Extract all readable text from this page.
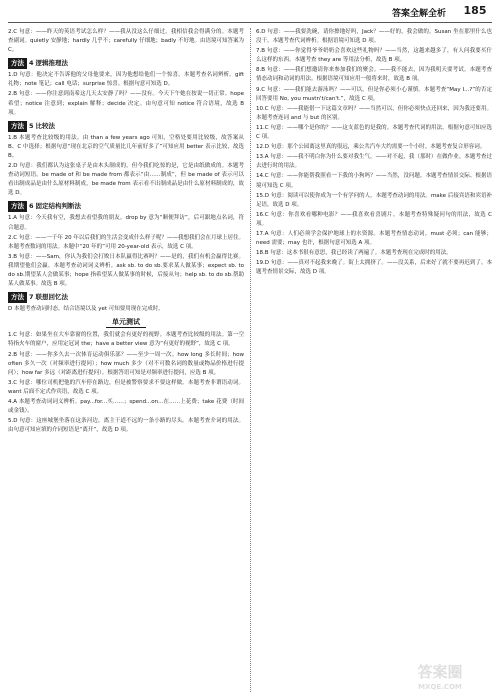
答案全解全析	185

2.C 句意：——昨天的英语考试怎么样？——我从没这么仔细过。我相信我会得满分的。本题考查副词。quietly 安静地；hardly 几乎不；carefully 仔细地；badly 不好地。由语境可知答案为 C。

方法 4 逻辑推理法

1.D 句意：他决定不告诉他的父母他要来，因为他想给他们一个惊喜。本题考查名词辨析。gift 礼物；note 笔记；call 电话；surprise 惊喜。根据句意可知选 D。

2.B 句意：——你注意到南希这几天太安静了吗？——没有。今天下午她在按说一切正常。hope 希望；notice 注意到；explain 解释；decide 决定。由句意可知 notice 符合语境，故选 B 项。

方法 5 比较法

1.B 本题考查比较级的用法。由 than a few years ago 可知，空格处要用比较级，故答案从 B、C 中选择；根据句意“现在北京的空气质量比几年前好多了”可知应用 better 表示比较，故选 B。

2.D 句意：我们都认为这张桌子是由木头制成的，但今我们吃惊的是，它是由纸做成的。本题考查动词短语。be made of 和 be made from 都表示“由……制成”，但 be made of 表示可以看出制成品是由什么原材料制成，be made from 表示看不出制成品是由什么原材料制成的，故选 D。

方法 6 固定结构判断法

1.A 句意：今天我有空，我想去看望我的朋友。drop by 意为“顺便拜访”，后可跟地点名词，符合题意。

2.C 句意：——一千年 20 年以后我们的生活会变成什么样子呢？——我想我们会在月球上居住。本题考查数词的用法。本题中“20 年的”可用 20-year-old 表示，故选 C 项。

3.B 句意：——Sam，你认为我们会打败日本队赢得比赛吗？——是的，我们有机会赢得比赛。我期望他们会赢。本题考查动词词义辨析。ask sb. to do sb.要求某人做某事；expect sb. to do sb.期望某人会做某事；hope 指希望某人做某事的时候，后接从句；help sb. to do sb.帮助某人做某事。故选 B 项。

方法 7 联想回忆法

D 本题考查动词时态。结合语境以及 yet 可知要用现在完成时。

单元测试

1.C 句意：如果坐在大车靠窗的位置，我们就会有更好的视野。本题考查比较级的用法。第一空特指火车的窗户，应用定冠词 the；have a better view 意为“有更好的视野”，故选 C 项。

2.B 句意：——你多久去一次体育运动俱乐部？——至少一周一次。how long 多长时间；how often 多久一次（对频率进行提问）；how much 多少（对不可数名词的数量或物品价格进行提问）；how far 多远（对距离进行提问）。根据答语可知是对频率进行提问，应选 B 项。

3.C 句意：哪位司机把他的汽车停在路边，但是被警察要求不要这样做。本题考查非谓语动词。want 后面不定式作宾语，故选 C 项。

4.A 本题考查动词词义辨析。pay...for...买……；spend...on...在……上花费；take 花费（时间或金钱）。

5.D 句意：这座城堡坐落在这条河边，离主干道不远的一条小路的尽头。本题考查介词的用法。由句意可知应填的介词短语是“离开”，故选 D 项。

6.D 句意：——我要洗碗，请你擦地好吗，Jack？——好的，我会做的。Susan 坐在那里什么也没干。本题考查代词辨析。根据语境可知选 D 项。

7.B 句意：——你觉得爷爷奶奶会喜欢这些礼物吗？——当然，这越来越多了，有人问我要买什么这样的东西。本题考查 they are 等用法分析，故选 B 项。

8.B 句意：——我们想邀请你来参加我们的聚会。——我不能去，因为我明天要考试。本题考查情态动词和动词的用法。根据语境可知应用一般将来时，故选 B 项。

9.C 句意：——我们能去游泳吗？——可以，但是你必须小心谨慎。本题考查“May I...?”的否定回答要用 No, you mustn't/can't.”，故选 C 项。

10.C 句意：——我能借一下这篇文章吗？——当然可以，但你必须快点还回来，因为我还要用。本题考查连词 and 与 but 的区别。

11.C 句意：——哪个是你的？——这支蓝色的是我的。本题考查代词的用法。根据句意可知应选 C 项。

12.D 句意：那个公园离这里真的很远，乘公共汽车大约需要一个小时。本题考查复合形容词。

13.A 句意：——我不明白你为什么要对我生气。——对不起，我（那时）在做作业。本题考查过去进行时的用法。

14.C 句意：——你能帮我照看一下我的小狗吗？——当然，没问题。本题考查情景交际。根据语境可知选 C 项。

15.D 句意：阅读可以使你成为一个有学问的人，本题考查动词的用法。make 后接宾语和宾语补足语，故选 D 项。

16.C 句意：你喜欢看哪种电影？——我喜欢看喜剧片。本题考查特殊疑问句的用法，故选 C 项。

17.A 句意：人们必须学会保护地球上的水资源。本题考查情态动词。must 必须；can 能够；need 需要；may 也许，根据句意可知选 A 项。

18.B 句意：这本书很有意思，我已经读了两遍了。本题考查现在完成时的用法。

19.D 句意：——真对不起我来晚了。街上太拥挤了。——没关系，后来好了就不要再迟到了。本题考查情景交际，故选 D 项。

答案圈
MXQE.COM
